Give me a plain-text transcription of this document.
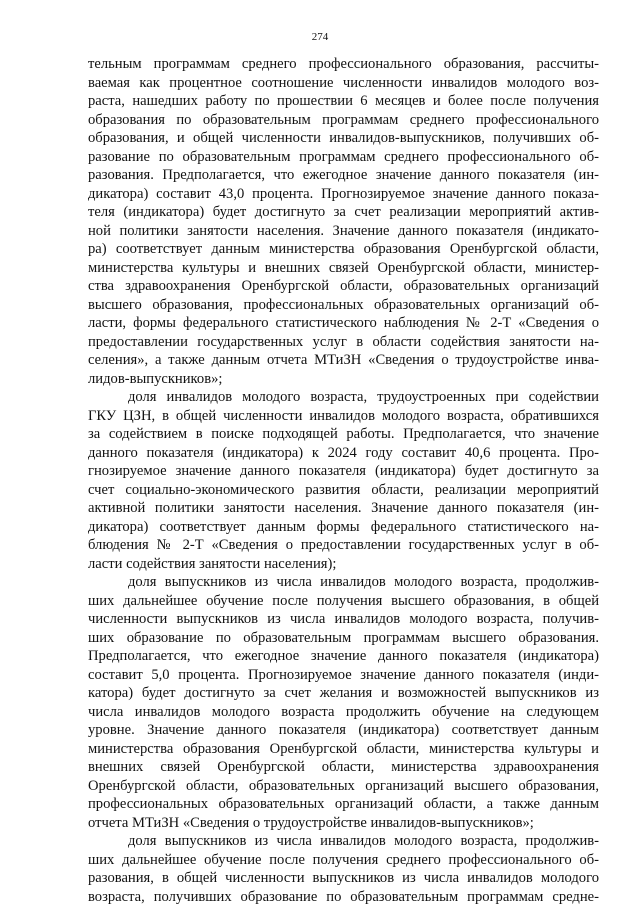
274
тельным программам среднего профессионального образования, рассчиты-
ваемая как процентное соотношение численности инвалидов молодого воз-
раста, нашедших работу по прошествии 6 месяцев и более после получения
образования по образовательным программам среднего профессионального
образования, и общей численности инвалидов-выпускников, получивших об-
разование по образовательным программам среднего профессионального об-
разования. Предполагается, что ежегодное значение данного показателя (ин-
дикатора) составит 43,0 процента. Прогнозируемое значение данного показа-
теля (индикатора) будет достигнуто за счет реализации мероприятий актив-
ной политики занятости населения. Значение данного показателя (индикато-
ра) соответствует данным министерства образования Оренбургской области,
министерства культуры и внешних связей Оренбургской области, министер-
ства здравоохранения Оренбургской области, образовательных организаций
высшего образования, профессиональных образовательных организаций об-
ласти, формы федерального статистического наблюдения № 2-Т «Сведения о
предоставлении государственных услуг в области содействия занятости на-
селения», а также данным отчета МТиЗН «Сведения о трудоустройстве инва-
лидов-выпускников»;
доля инвалидов молодого возраста, трудоустроенных при содействии
ГКУ ЦЗН, в общей численности инвалидов молодого возраста, обратившихся
за содействием в поиске подходящей работы. Предполагается, что значение
данного показателя (индикатора) к 2024 году составит 40,6 процента. Про-
гнозируемое значение данного показателя (индикатора) будет достигнуто за
счет социально-экономического развития области, реализации мероприятий
активной политики занятости населения. Значение данного показателя (ин-
дикатора) соответствует данным формы федерального статистического на-
блюдения № 2-Т «Сведения о предоставлении государственных услуг в об-
ласти содействия занятости населения);
доля выпускников из числа инвалидов молодого возраста, продолжив-
ших дальнейшее обучение после получения высшего образования, в общей
численности выпускников из числа инвалидов молодого возраста, получив-
ших образование по образовательным программам высшего образования.
Предполагается, что ежегодное значение данного показателя (индикатора)
составит 5,0 процента. Прогнозируемое значение данного показателя (инди-
катора) будет достигнуто за счет желания и возможностей выпускников из
числа инвалидов молодого возраста продолжить обучение на следующем
уровне. Значение данного показателя (индикатора) соответствует данным
министерства образования Оренбургской области, министерства культуры и
внешних связей Оренбургской области, министерства здравоохранения
Оренбургской области, образовательных организаций высшего образования,
профессиональных образовательных организаций области, а также данным
отчета МТиЗН «Сведения о трудоустройстве инвалидов-выпускников»;
доля выпускников из числа инвалидов молодого возраста, продолжив-
ших дальнейшее обучение после получения среднего профессионального об-
разования, в общей численности выпускников из числа инвалидов молодого
возраста, получивших образование по образовательным программам средне-
